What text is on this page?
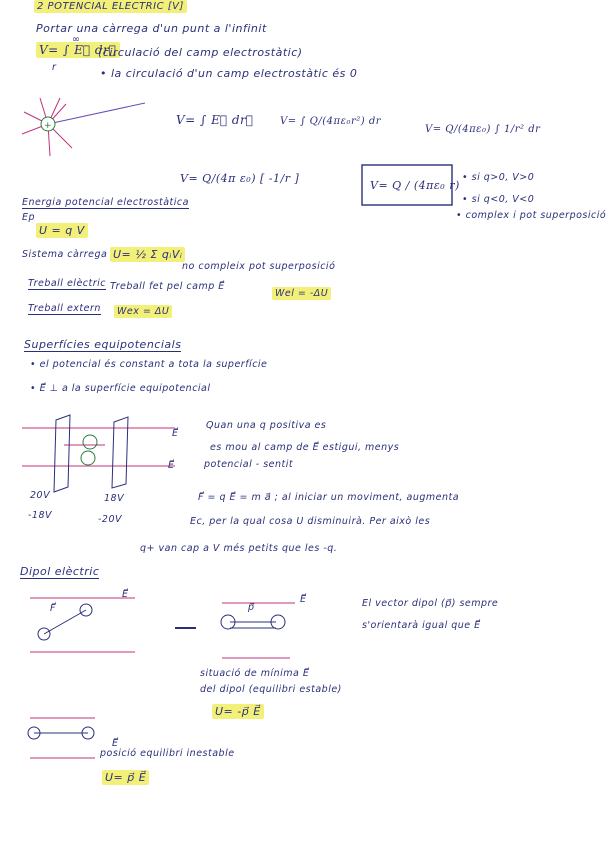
+
2 POTENCIAL ELECTRIC [V]
Portar una càrrega d'un punt a l'infinit
V= ∫ E⃗ dr⃗
∞
r
(circulació del camp electrostàtic)
• la circulació d'un camp electrostàtic és 0
V= ∫ E⃗ dr⃗	V= ∫ Q/(4πε₀r²) dr
V= Q/(4πε₀) ∫ 1/r² dr
V= Q/(4π ε₀) [ -1/r ]
V= Q / (4πε₀ r)
• si q>0, V>0
• si q<0, V<0
• complex i pot superposició
Energia potencial electrostàtica
Ep
U = q V
Sistema càrrega U= ½ Σ qᵢVᵢ
no compleix pot superposició
Treball elèctric Treball fet pel camp E⃗
Wel = -ΔU
Treball extern	Wex = ΔU
Superfícies equipotencials
• el potencial és constant a tota la superfície
• E⃗ ⊥ a la superfície equipotencial
E⃗
E⃗
20V
-18V
18V
-20V
Quan una q positiva es
es mou al camp de E⃗ estigui, menys
potencial - sentit
F⃗ = q E⃗ = m a⃗ ; al iniciar un moviment, augmenta
Ec, per la qual cosa U disminuirà. Per això les
q+ van cap a V més petits que les -q.
Dipol elèctric
E⃗
F⃗
E⃗
p⃗	El vector dipol (p⃗) sempre
s'orientarà igual que E⃗
situació de mínima E⃗
del dipol (equilibri estable)
U= -p⃗ E⃗
E⃗
posició equilibri inestable
U= p⃗ E⃗
